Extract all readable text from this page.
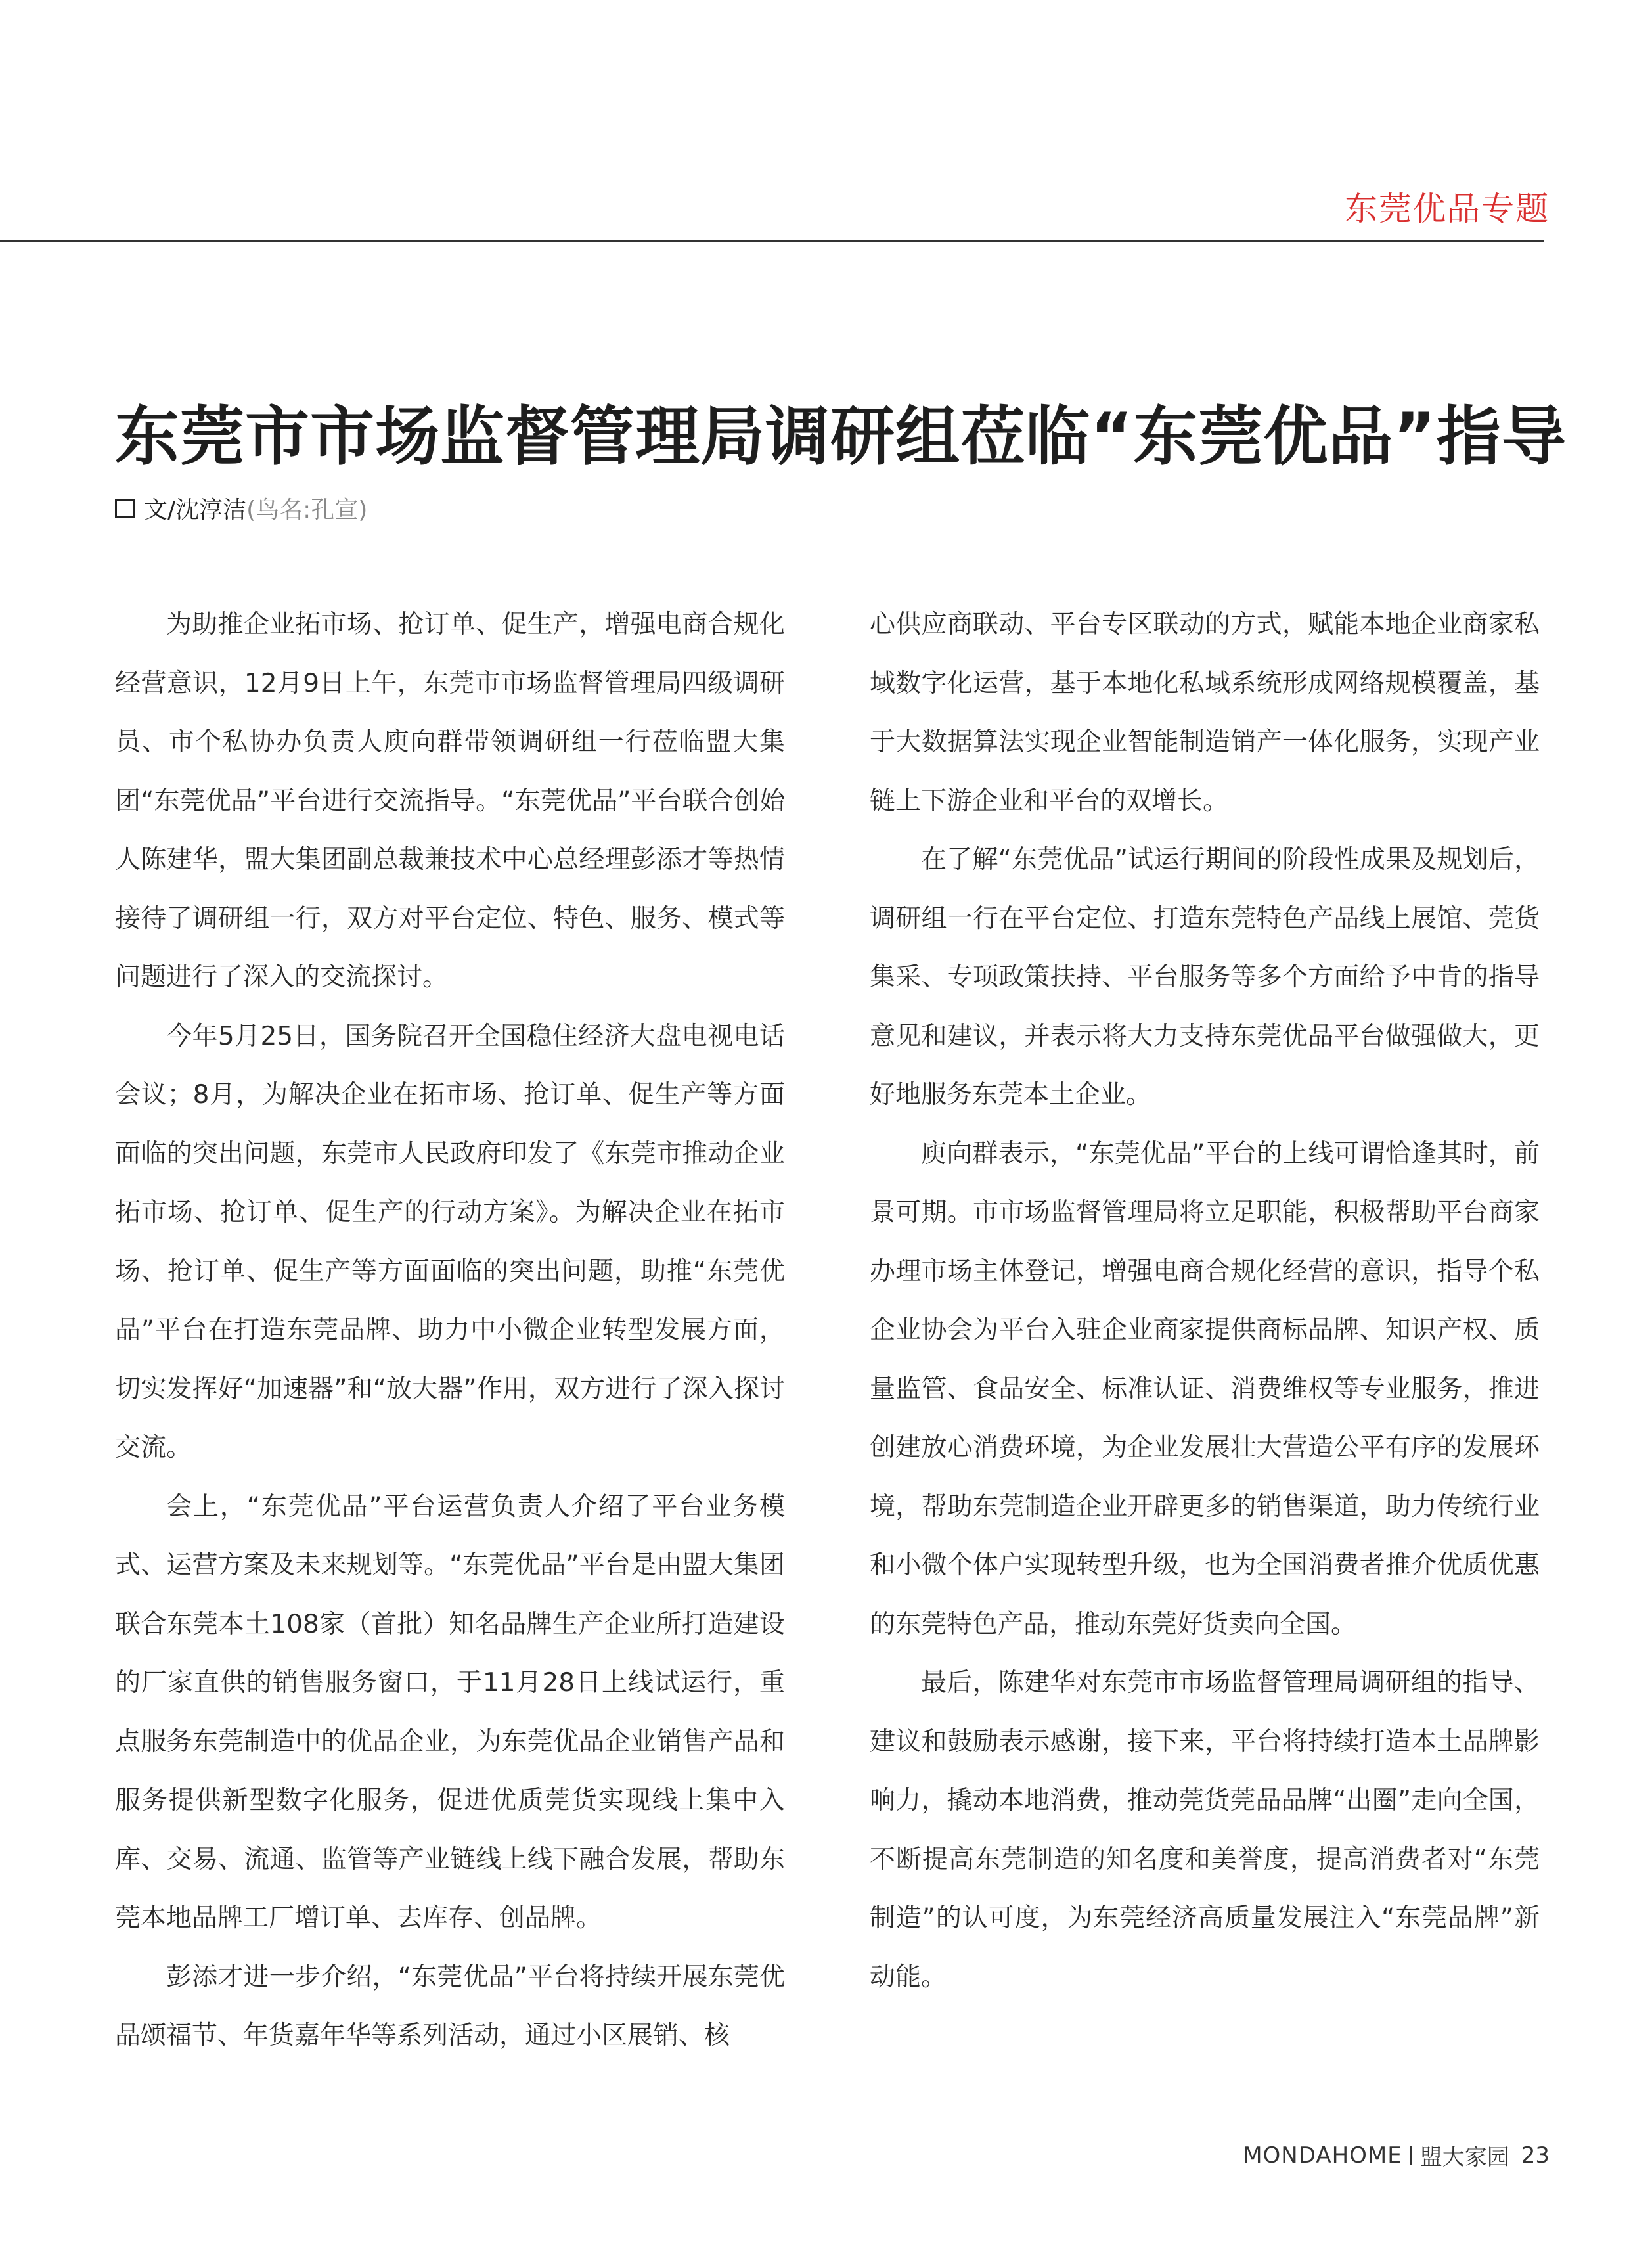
东莞优品专题
东莞市市场监督管理局调研组莅临“东莞优品”指导
文/沈淳洁 (鸟名:孔宣)

为助推企业拓市场、抢订单、促生产，增强电商合规化经营意识，12月9日上午，东莞市市场监督管理局四级调研员、市个私协办负责人庾向群带领调研组一行莅临盟大集团“东莞优品”平台进行交流指导。“东莞优品”平台联合创始人陈建华，盟大集团副总裁兼技术中心总经理彭添才等热情接待了调研组一行，双方对平台定位、特色、服务、模式等问题进行了深入的交流探讨。

今年5月25日，国务院召开全国稳住经济大盘电视电话会议；8月，为解决企业在拓市场、抢订单、促生产等方面面临的突出问题，东莞市人民政府印发了《东莞市推动企业拓市场、抢订单、促生产的行动方案》。为解决企业在拓市场、抢订单、促生产等方面面临的突出问题，助推“东莞优品”平台在打造东莞品牌、助力中小微企业转型发展方面，切实发挥好“加速器”和“放大器”作用，双方进行了深入探讨交流。

会上，“东莞优品”平台运营负责人介绍了平台业务模式、运营方案及未来规划等。“东莞优品”平台是由盟大集团联合东莞本土108家（首批）知名品牌生产企业所打造建设的厂家直供的销售服务窗口，于11月28日上线试运行，重点服务东莞制造中的优品企业，为东莞优品企业销售产品和服务提供新型数字化服务，促进优质莞货实现线上集中入库、交易、流通、监管等产业链线上线下融合发展，帮助东莞本地品牌工厂增订单、去库存、创品牌。

彭添才进一步介绍，“东莞优品”平台将持续开展东莞优品颂福节、年货嘉年华等系列活动，通过小区展销、核

心供应商联动、平台专区联动的方式，赋能本地企业商家私域数字化运营，基于本地化私域系统形成网络规模覆盖，基于大数据算法实现企业智能制造销产一体化服务，实现产业链上下游企业和平台的双增长。

在了解“东莞优品”试运行期间的阶段性成果及规划后，调研组一行在平台定位、打造东莞特色产品线上展馆、莞货集采、专项政策扶持、平台服务等多个方面给予中肯的指导意见和建议，并表示将大力支持东莞优品平台做强做大，更好地服务东莞本土企业。

庾向群表示，“东莞优品”平台的上线可谓恰逢其时，前景可期。市市场监督管理局将立足职能，积极帮助平台商家办理市场主体登记，增强电商合规化经营的意识，指导个私企业协会为平台入驻企业商家提供商标品牌、知识产权、质量监管、食品安全、标准认证、消费维权等专业服务，推进创建放心消费环境，为企业发展壮大营造公平有序的发展环境，帮助东莞制造企业开辟更多的销售渠道，助力传统行业和小微个体户实现转型升级，也为全国消费者推介优质优惠的东莞特色产品，推动东莞好货卖向全国。

最后，陈建华对东莞市市场监督管理局调研组的指导、建议和鼓励表示感谢，接下来，平台将持续打造本土品牌影响力，撬动本地消费，推动莞货莞品品牌“出圈”走向全国，不断提高东莞制造的知名度和美誉度，提高消费者对“东莞制造”的认可度，为东莞经济高质量发展注入“东莞品牌”新动能。

MONDAHOME 盟大家园 23
